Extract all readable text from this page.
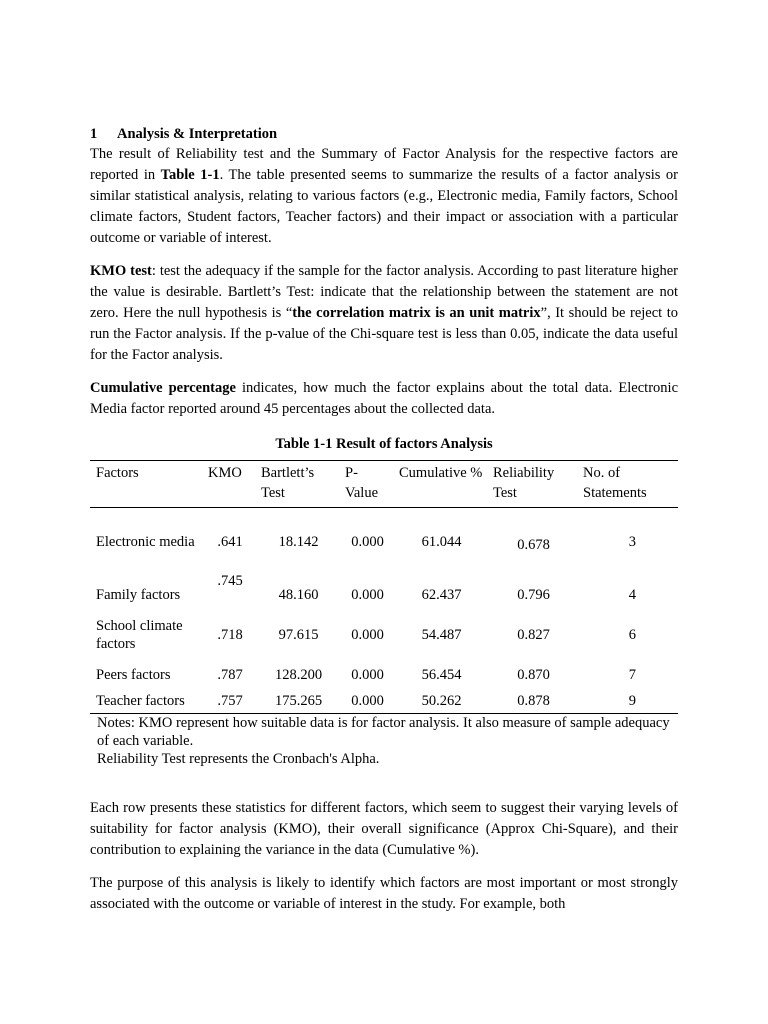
1 Analysis & Interpretation

The result of Reliability test and the Summary of Factor Analysis for the respective factors are reported in Table 1-1. The table presented seems to summarize the results of a factor analysis or similar statistical analysis, relating to various factors (e.g., Electronic media, Family factors, School climate factors, Student factors, Teacher factors) and their impact or association with a particular outcome or variable of interest.

KMO test: test the adequacy if the sample for the factor analysis. According to past literature higher the value is desirable. Bartlett’s Test: indicate that the relationship between the statement are not zero. Here the null hypothesis is “the correlation matrix is an unit matrix”, It should be reject to run the Factor analysis. If the p-value of the Chi-square test is less than 0.05, indicate the data useful for the Factor analysis.

Cumulative percentage indicates, how much the factor explains about the total data. Electronic Media factor reported around 45 percentages about the collected data.

Table 1-1 Result of factors Analysis
Factors	KMO	Bartlett’s Test	P-Value	Cumulative %	Reliability Test	No. of Statements
Electronic media	.641	18.142	0.000	61.044	0.678	3
Family factors	.745	48.160	0.000	62.437	0.796	4
School climate factors	.718	97.615	0.000	54.487	0.827	6
Peers factors	.787	128.200	0.000	56.454	0.870	7
Teacher factors	.757	175.265	0.000	50.262	0.878	9
Notes: KMO represent how suitable data is for factor analysis. It also measure of sample adequacy of each variable.
Reliability Test represents the Cronbach's Alpha.

Each row presents these statistics for different factors, which seem to suggest their varying levels of suitability for factor analysis (KMO), their overall significance (Approx Chi-Square), and their contribution to explaining the variance in the data (Cumulative %).

The purpose of this analysis is likely to identify which factors are most important or most strongly associated with the outcome or variable of interest in the study. For example, both
